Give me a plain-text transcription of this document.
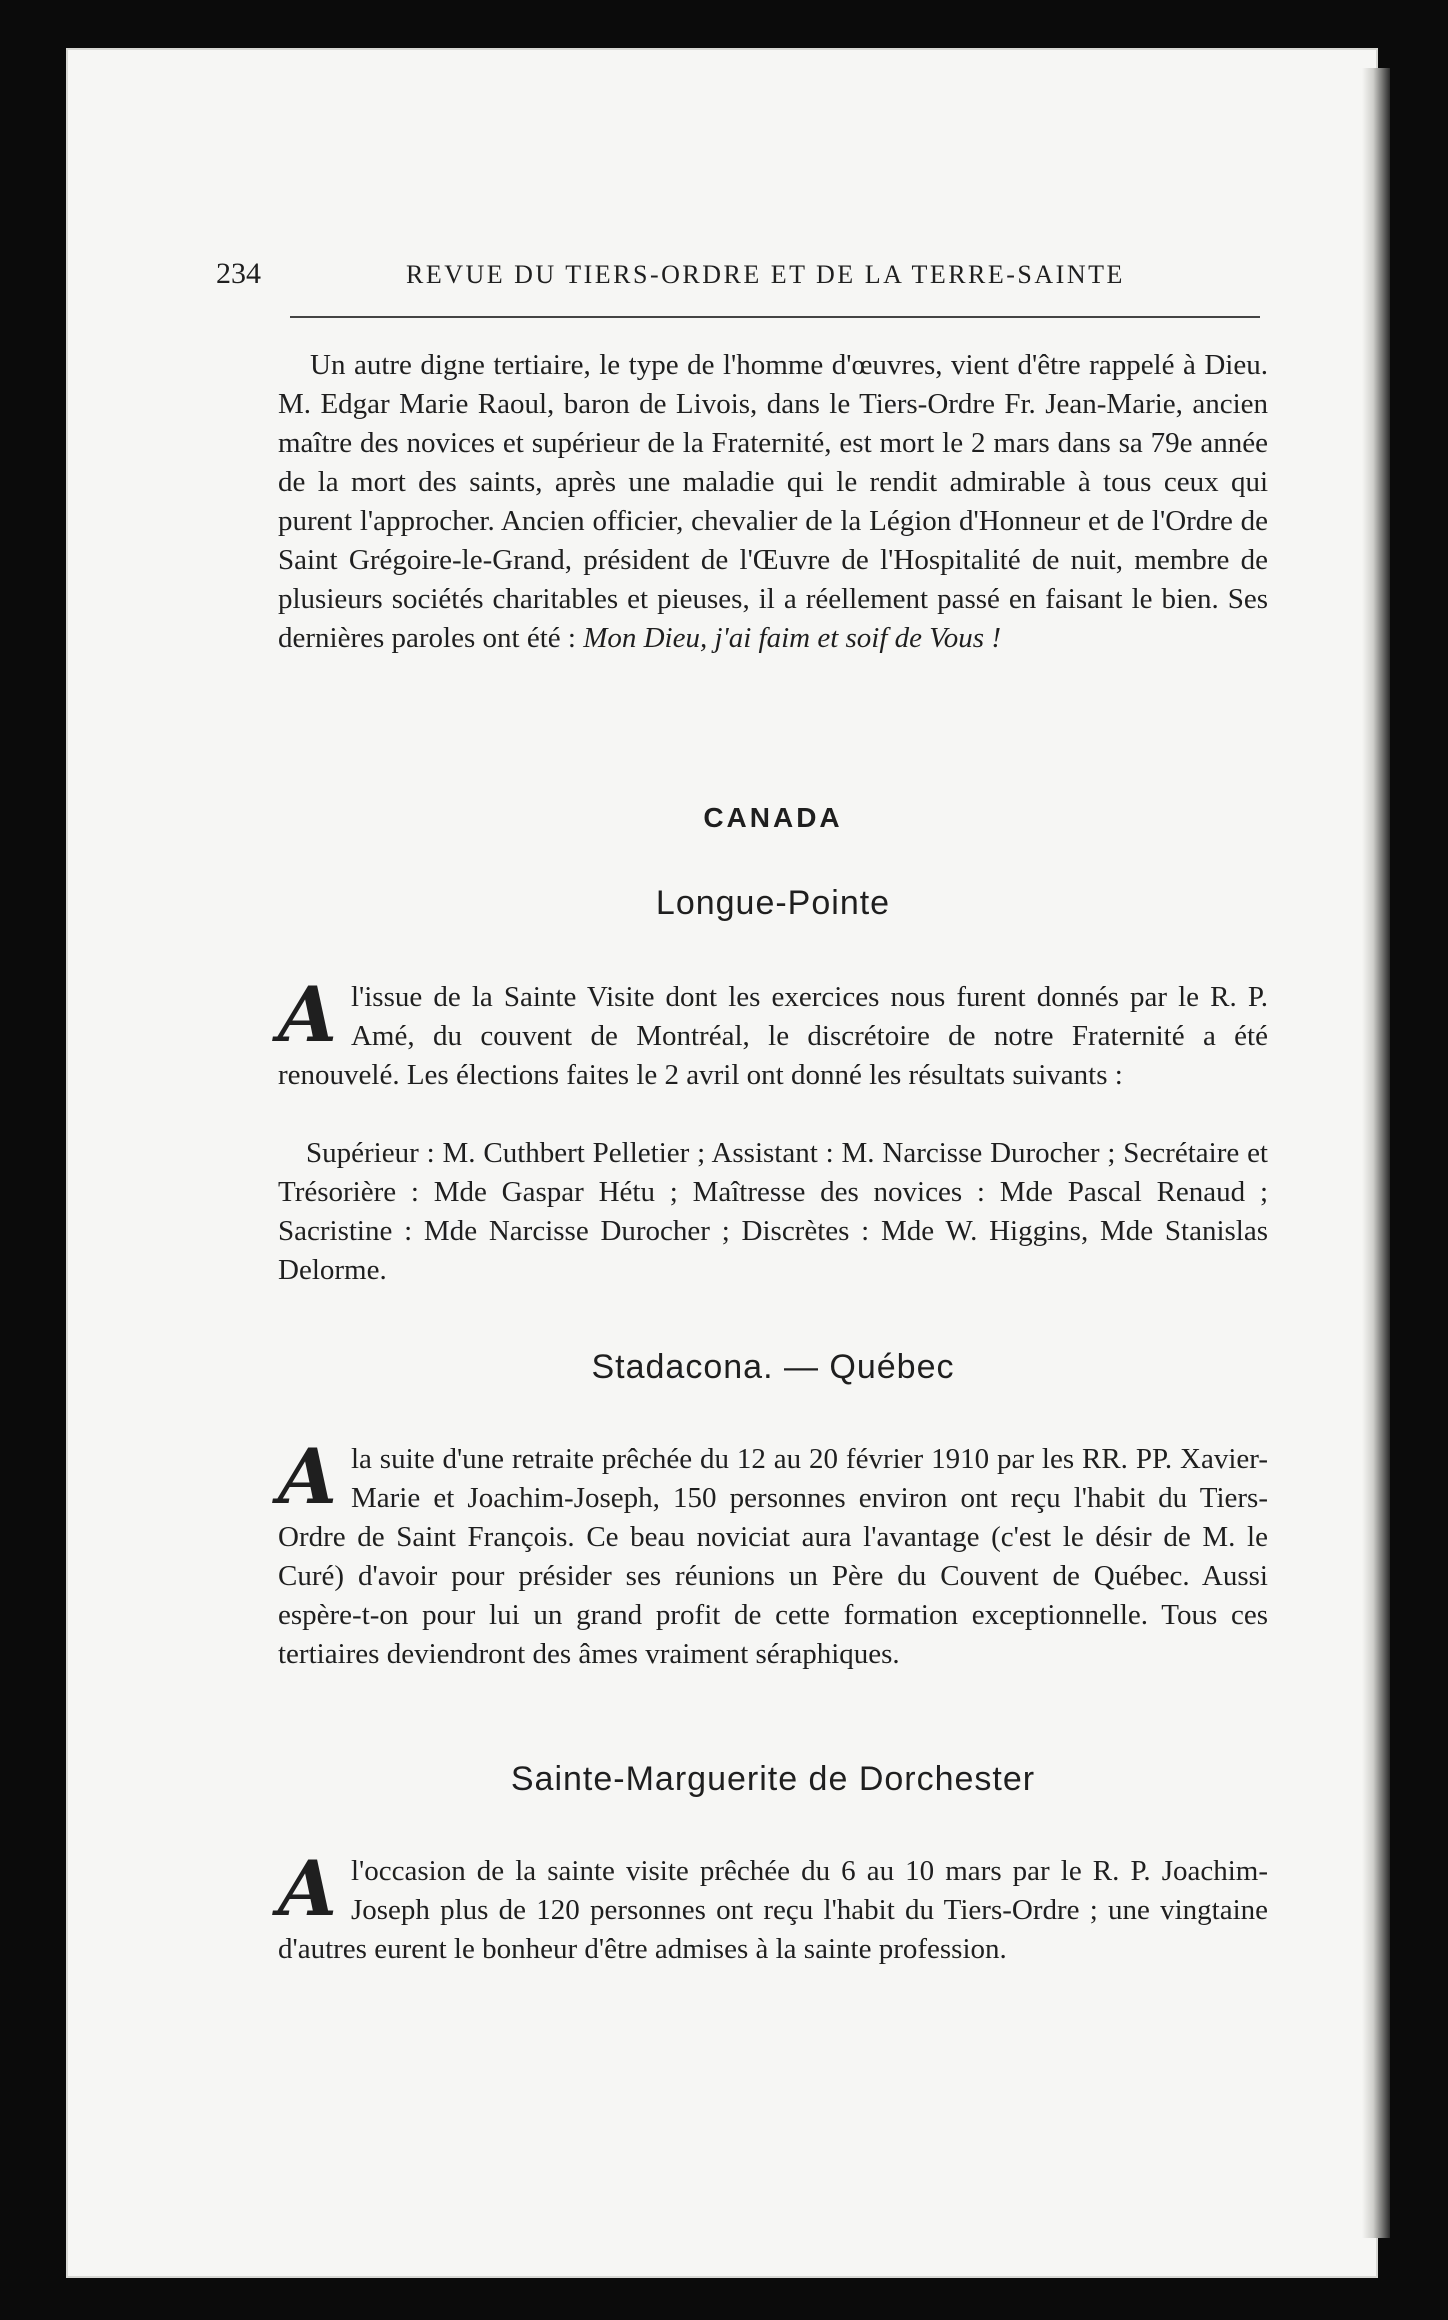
234	REVUE DU TIERS-ORDRE ET DE LA TERRE-SAINTE
Un autre digne tertiaire, le type de l'homme d'œuvres, vient d'être rappelé à Dieu. M. Edgar Marie Raoul, baron de Livois, dans le Tiers-Ordre Fr. Jean-Marie, ancien maître des novices et supérieur de la Fraternité, est mort le 2 mars dans sa 79e année de la mort des saints, après une maladie qui le rendit admirable à tous ceux qui purent l'approcher. Ancien officier, chevalier de la Légion d'Honneur et de l'Ordre de Saint Grégoire-le-Grand, président de l'Œuvre de l'Hospitalité de nuit, membre de plusieurs sociétés charitables et pieuses, il a réellement passé en faisant le bien. Ses dernières paroles ont été : Mon Dieu, j'ai faim et soif de Vous !
CANADA
Longue-Pointe
Al'issue de la Sainte Visite dont les exercices nous furent donnés par le R. P. Amé, du couvent de Montréal, le discrétoire de notre Fraternité a été renouvelé. Les élections faites le 2 avril ont donné les résultats suivants :
Supérieur : M. Cuthbert Pelletier ; Assistant : M. Narcisse Durocher ; Secrétaire et Trésorière : Mde Gaspar Hétu ; Maîtresse des novices : Mde Pascal Renaud ; Sacristine : Mde Narcisse Durocher ; Discrètes : Mde W. Higgins, Mde Stanislas Delorme.
Stadacona. — Québec
Ala suite d'une retraite prêchée du 12 au 20 février 1910 par les RR. PP. Xavier-Marie et Joachim-Joseph, 150 personnes environ ont reçu l'habit du Tiers-Ordre de Saint François. Ce beau noviciat aura l'avantage (c'est le désir de M. le Curé) d'avoir pour présider ses réunions un Père du Couvent de Québec. Aussi espère-t-on pour lui un grand profit de cette formation exceptionnelle. Tous ces tertiaires deviendront des âmes vraiment séraphiques.
Sainte-Marguerite de Dorchester
Al'occasion de la sainte visite prêchée du 6 au 10 mars par le R. P. Joachim-Joseph plus de 120 personnes ont reçu l'habit du Tiers-Ordre ; une vingtaine d'autres eurent le bonheur d'être admises à la sainte profession.
